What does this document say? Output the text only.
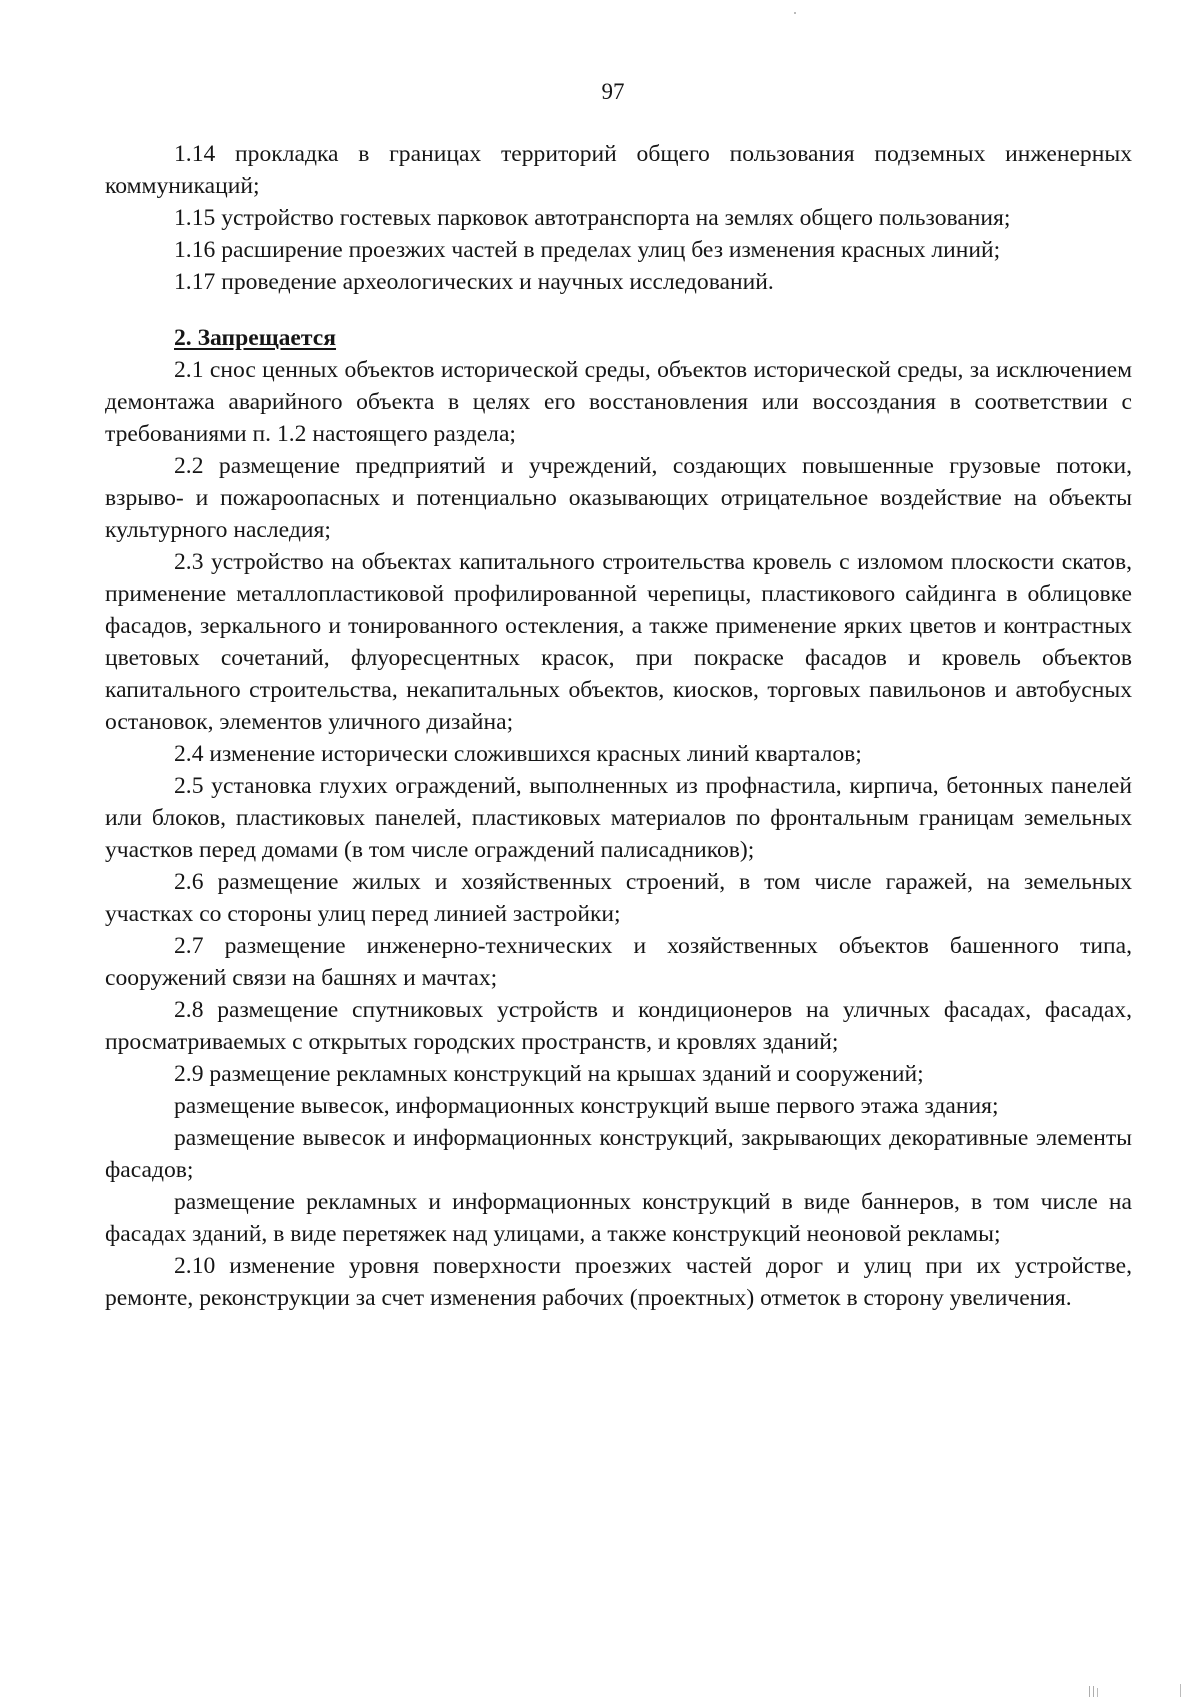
97

1.14 прокладка в границах территорий общего пользования подземных инженерных коммуникаций;

1.15 устройство гостевых парковок автотранспорта на землях общего пользования;

1.16 расширение проезжих частей в пределах улиц без изменения красных линий;

1.17 проведение археологических и научных исследований.

2. Запрещается

2.1 снос ценных объектов исторической среды, объектов исторической среды, за исключением демонтажа аварийного объекта в целях его восстановления или воссоздания в соответствии с требованиями п. 1.2 настоящего раздела;

2.2 размещение предприятий и учреждений, создающих повышенные грузовые потоки, взрыво- и пожароопасных и потенциально оказывающих отрицательное воздействие на объекты культурного наследия;

2.3 устройство на объектах капитального строительства кровель с изломом плоскости скатов, применение металлопластиковой профилированной черепицы, пластикового сайдинга в облицовке фасадов, зеркального и тонированного остекления, а также применение ярких цветов и контрастных цветовых сочетаний, флуоресцентных красок, при покраске фасадов и кровель объектов капитального строительства, некапитальных объектов, киосков, торговых павильонов и автобусных остановок, элементов уличного дизайна;

2.4 изменение исторически сложившихся красных линий кварталов;

2.5 установка глухих ограждений, выполненных из профнастила, кирпича, бетонных панелей или блоков, пластиковых панелей, пластиковых материалов по фронтальным границам земельных участков перед домами (в том числе ограждений палисадников);

2.6 размещение жилых и хозяйственных строений, в том числе гаражей, на земельных участках со стороны улиц перед линией застройки;

2.7 размещение инженерно-технических и хозяйственных объектов башенного типа, сооружений связи на башнях и мачтах;

2.8 размещение спутниковых устройств и кондиционеров на уличных фасадах, фасадах, просматриваемых с открытых городских пространств, и кровлях зданий;

2.9 размещение рекламных конструкций на крышах зданий и сооружений;

размещение вывесок, информационных конструкций выше первого этажа здания;

размещение вывесок и информационных конструкций, закрывающих декоративные элементы фасадов;

размещение рекламных и информационных конструкций в виде баннеров, в том числе на фасадах зданий, в виде перетяжек над улицами, а также конструкций неоновой рекламы;

2.10 изменение уровня поверхности проезжих частей дорог и улиц при их устройстве, ремонте, реконструкции за счет изменения рабочих (проектных) отметок в сторону увеличения.
